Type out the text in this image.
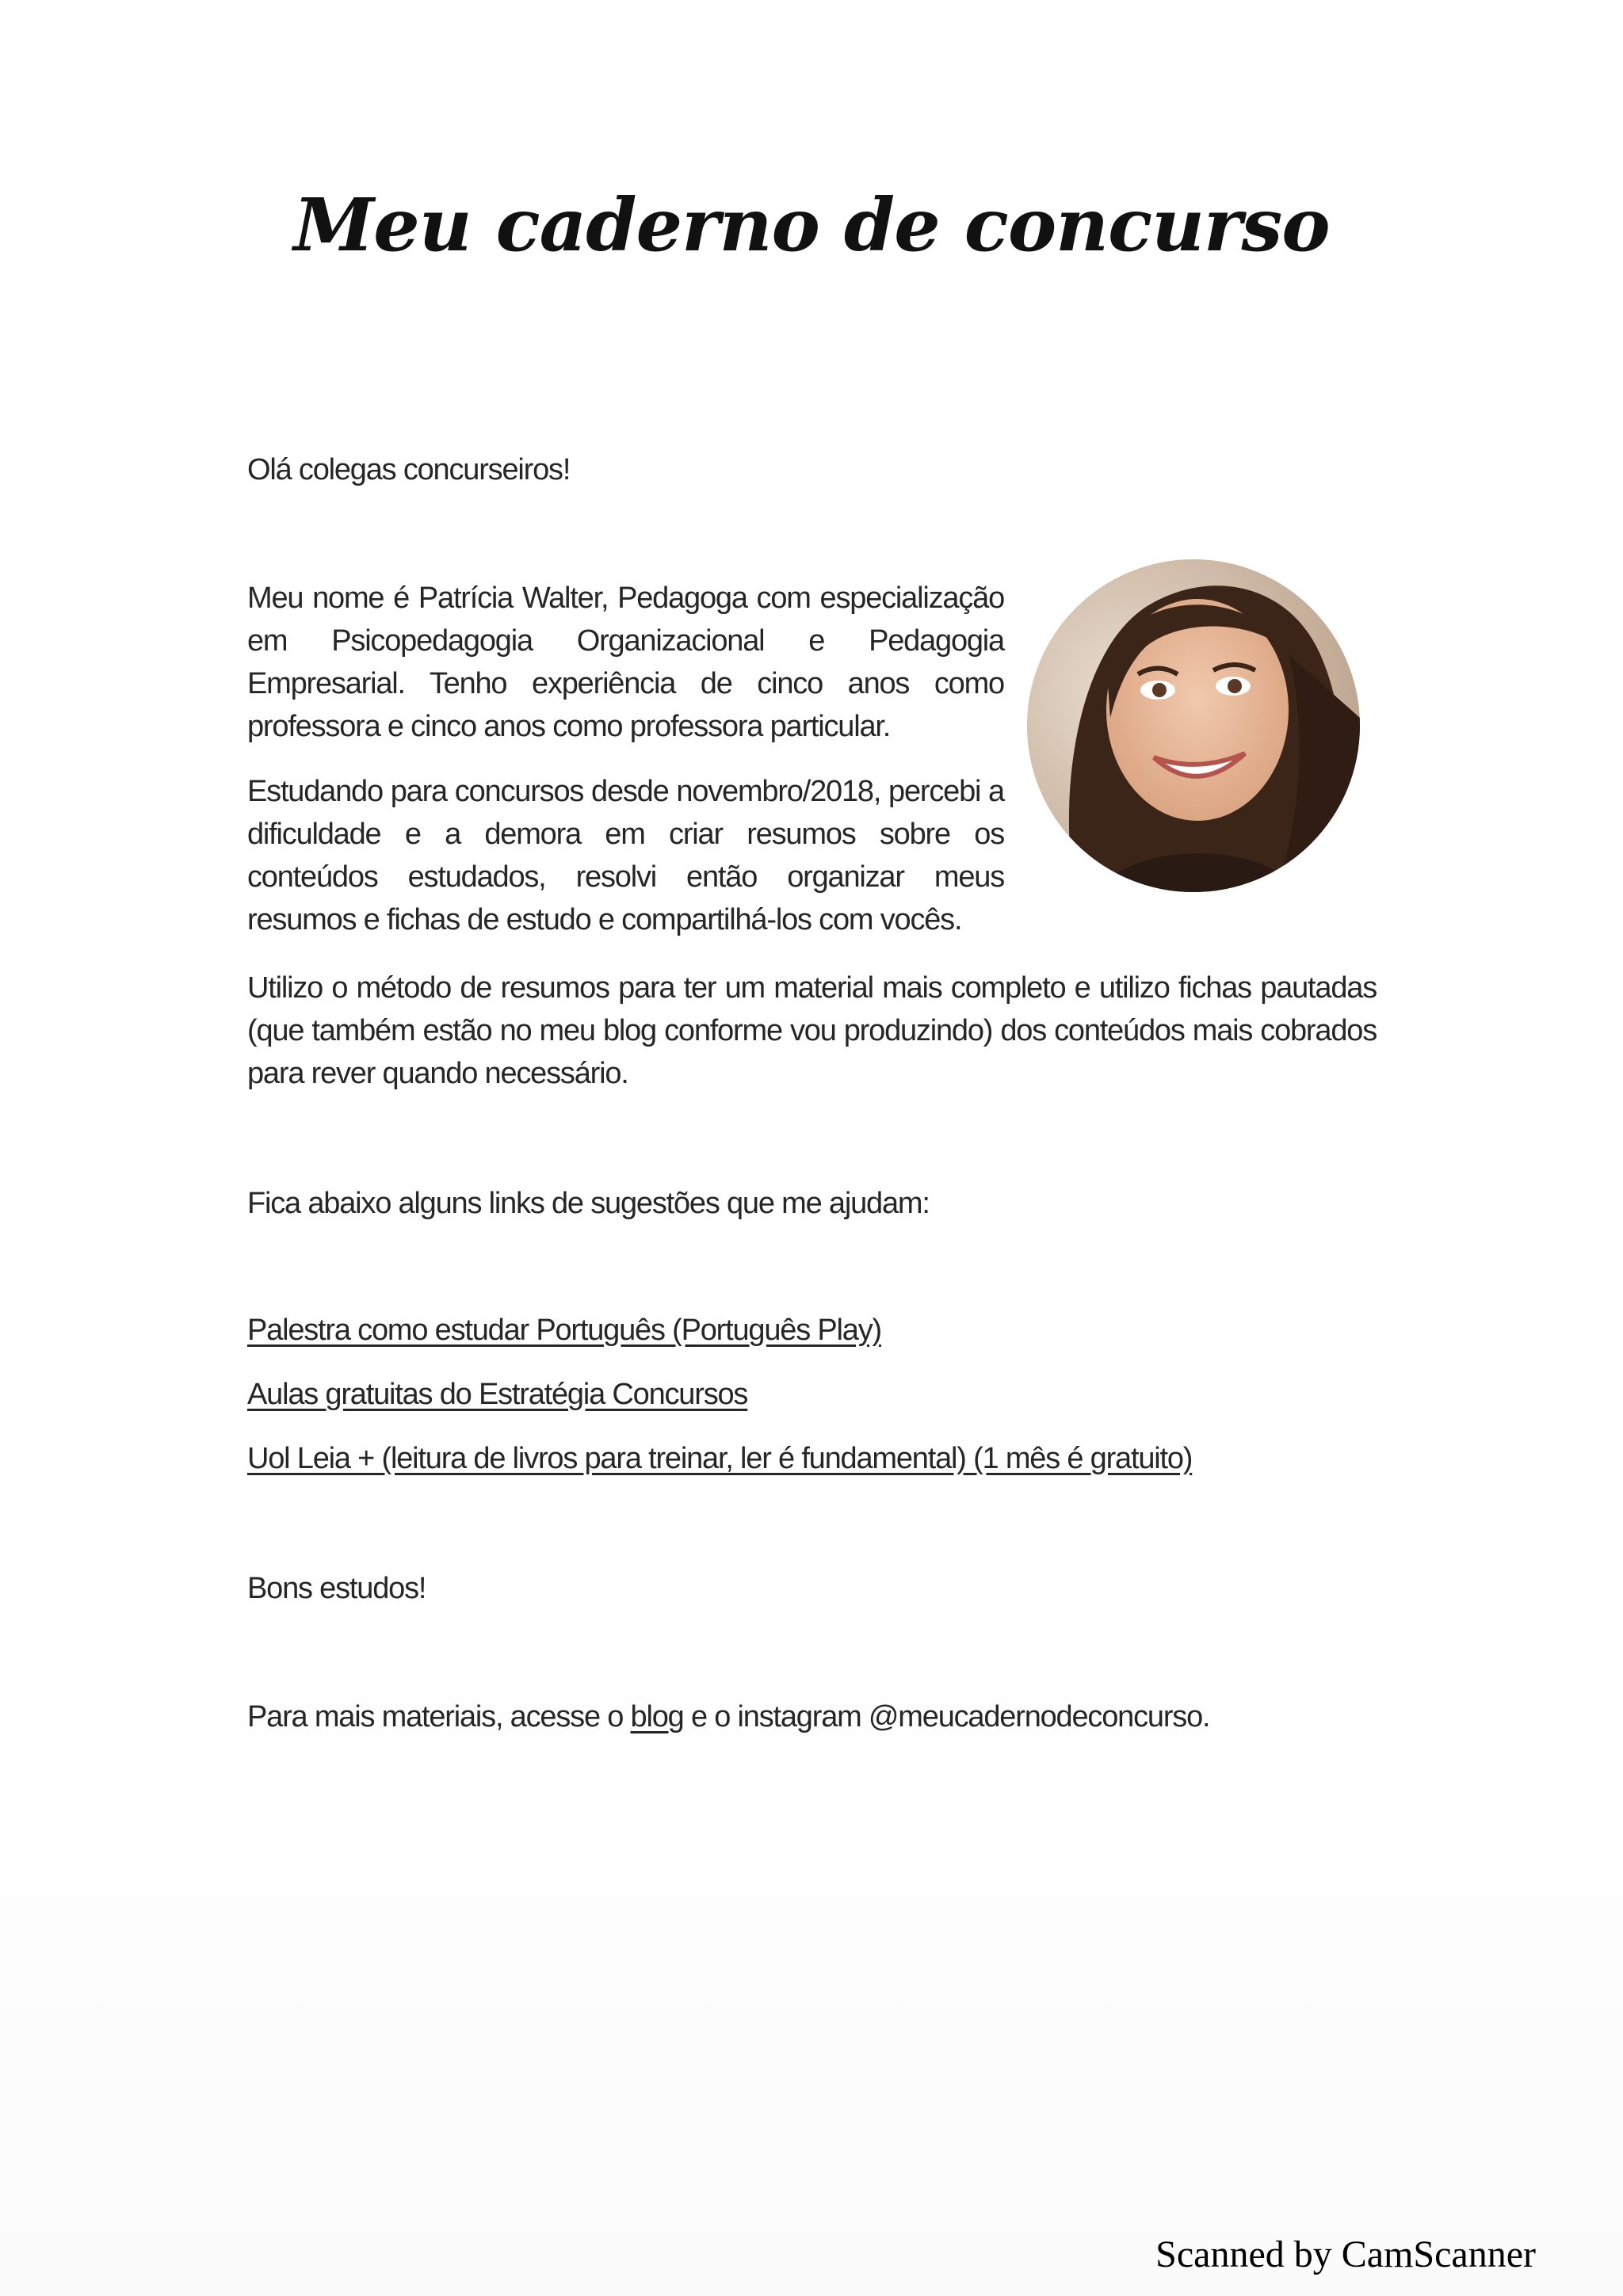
Meu caderno de concurso

Olá colegas concurseiros!

Meu nome é Patrícia Walter, Pedagoga com especialização em Psicopedagogia Organizacional e Pedagogia Empresarial. Tenho experiência de cinco anos como professora e cinco anos como professora particular.

Estudando para concursos desde novembro/2018, percebi a dificuldade e a demora em criar resumos sobre os conteúdos estudados, resolvi então organizar meus resumos e fichas de estudo e compartilhá-los com vocês.

Utilizo o método de resumos para ter um material mais completo e utilizo fichas pautadas (que também estão no meu blog conforme vou produzindo) dos conteúdos mais cobrados para rever quando necessário.

Fica abaixo alguns links de sugestões que me ajudam:

Palestra como estudar Português (Português Play)
Aulas gratuitas do Estratégia Concursos
Uol Leia + (leitura de livros para treinar, ler é fundamental) (1 mês é gratuito)

Bons estudos!

Para mais materiais, acesse o blog e o instagram @meucadernodeconcurso.

Scanned by CamScanner
